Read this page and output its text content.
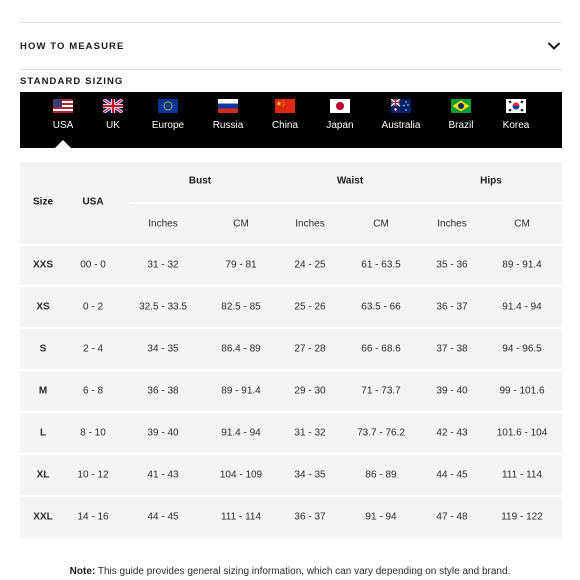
HOW TO MEASURE
STANDARD SIZING
USA	UK	Europe	Russia	China	Japan	Australia	Brazil	Korea
Size	USA
Bust	Waist	Hips
Inches	CM	Inches	CM	Inches	CM
XXS	00 - 0	31 - 32	79 - 81	24 - 25	61 - 63.5	35 - 36	89 - 91.4
XS	0 - 2	32.5 - 33.5	82.5 - 85	25 - 26	63.5 - 66	36 - 37	91.4 - 94
S	2 - 4	34 - 35	86.4 - 89	27 - 28	66 - 68.6	37 - 38	94 - 96.5
M	6 - 8	36 - 38	89 - 91.4	29 - 30	71 - 73.7	39 - 40	99 - 101.6
L	8 - 10	39 - 40	91.4 - 94	31 - 32	73.7 - 76.2	42 - 43	101.6 - 104
XL	10 - 12	41 - 43	104 - 109	34 - 35	86 - 89	44 - 45	111 - 114
XXL 14 - 16	44 - 45	111 - 114	36 - 37	91 - 94	47 - 48	119 - 122
Note: This guide provides general sizing information, which can vary depending on style and brand.
